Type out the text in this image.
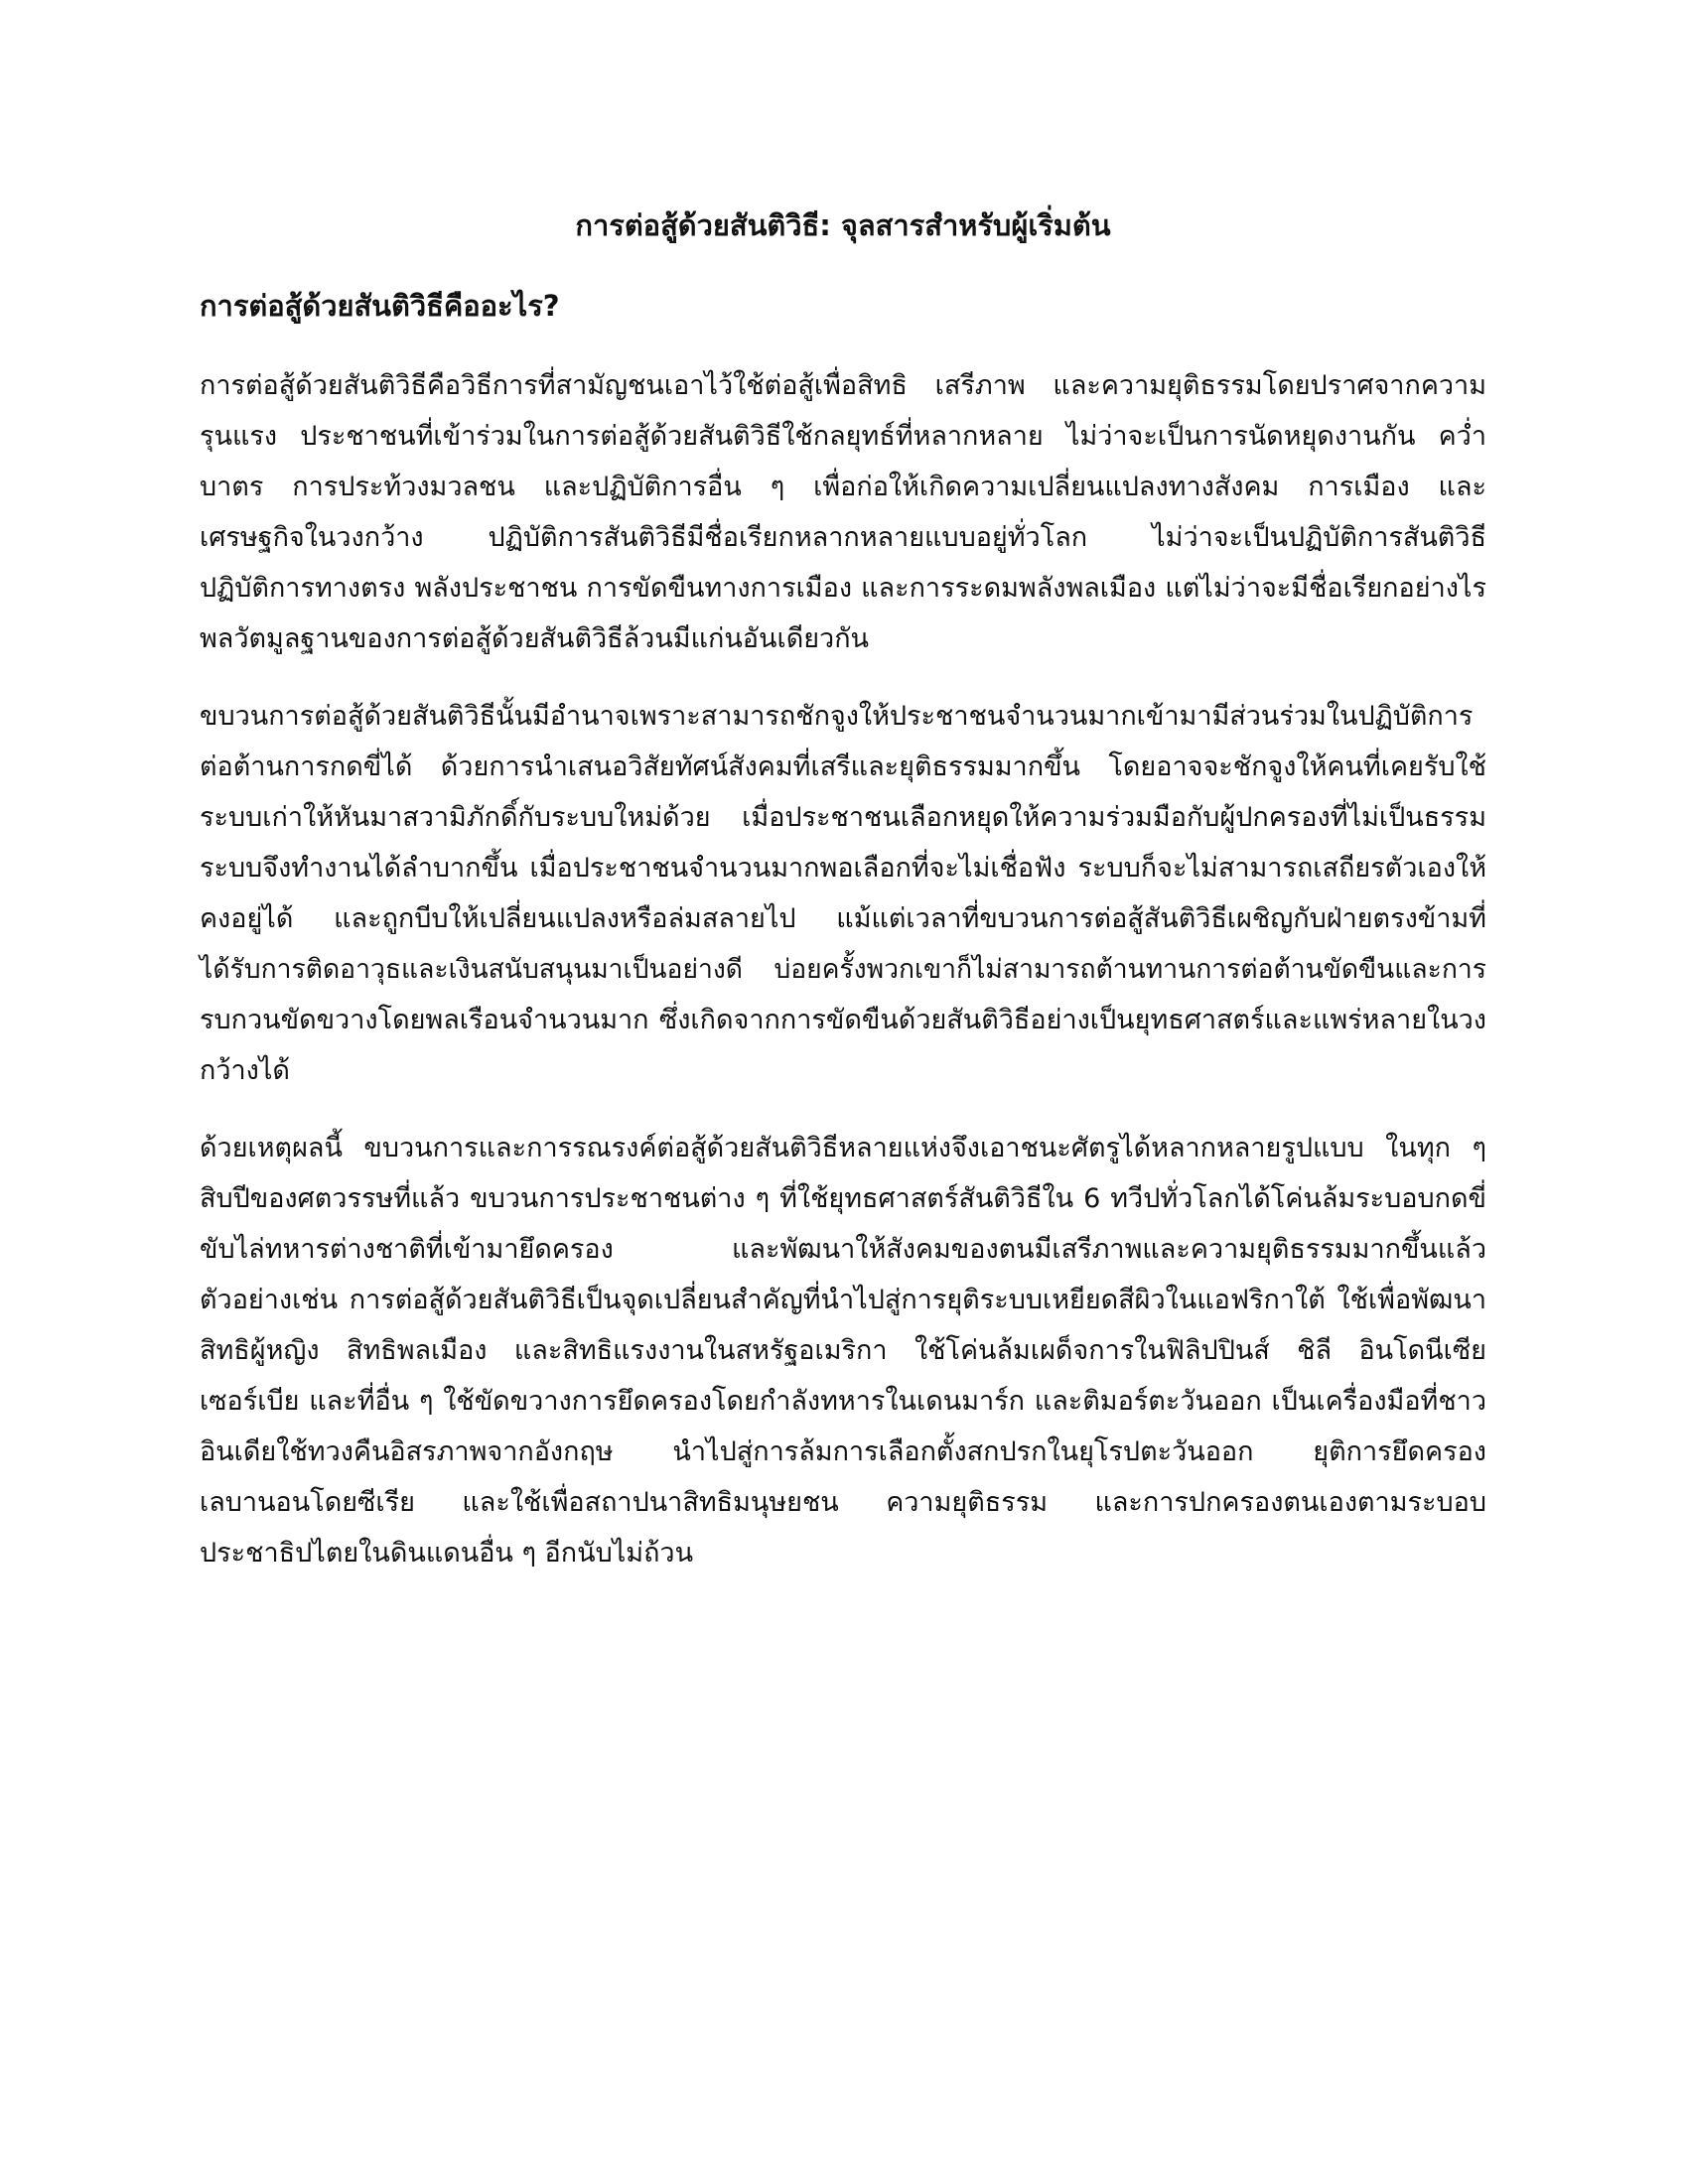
การต่อสู้ด้วยสันติวิธี: จุลสารสำหรับผู้เริ่มต้น
การต่อสู้ด้วยสันติวิธีคืออะไร?

การต่อสู้ด้วยสันติวิธีคือวิธีการที่สามัญชนเอาไว้ใช้ต่อสู้เพื่อสิทธิ เสรีภาพ และความยุติธรรมโดยปราศจากความ
รุนแรง ประชาชนที่เข้าร่วมในการต่อสู้ด้วยสันติวิธีใช้กลยุทธ์ที่หลากหลาย ไม่ว่าจะเป็นการนัดหยุดงานกัน คว่ำ
บาตร การประท้วงมวลชน และปฏิบัติการอื่น ๆ เพื่อก่อให้เกิดความเปลี่ยนแปลงทางสังคม การเมือง และ
เศรษฐกิจในวงกว้าง ปฏิบัติการสันติวิธีมีชื่อเรียกหลากหลายแบบอยู่ทั่วโลก ไม่ว่าจะเป็นปฏิบัติการสันติวิธี
ปฏิบัติการทางตรง พลังประชาชน การขัดขืนทางการเมือง และการระดมพลังพลเมือง แต่ไม่ว่าจะมีชื่อเรียกอย่างไร
พลวัตมูลฐานของการต่อสู้ด้วยสันติวิธีล้วนมีแก่นอันเดียวกัน

ขบวนการต่อสู้ด้วยสันติวิธีนั้นมีอำนาจเพราะสามารถชักจูงให้ประชาชนจำนวนมากเข้ามามีส่วนร่วมในปฏิบัติการ
ต่อต้านการกดขี่ได้ ด้วยการนำเสนอวิสัยทัศน์สังคมที่เสรีและยุติธรรมมากขึ้น โดยอาจจะชักจูงให้คนที่เคยรับใช้
ระบบเก่าให้หันมาสวามิภักดิ์กับระบบใหม่ด้วย เมื่อประชาชนเลือกหยุดให้ความร่วมมือกับผู้ปกครองที่ไม่เป็นธรรม
ระบบจึงทำงานได้ลำบากขึ้น เมื่อประชาชนจำนวนมากพอเลือกที่จะไม่เชื่อฟัง ระบบก็จะไม่สามารถเสถียรตัวเองให้
คงอยู่ได้ และถูกบีบให้เปลี่ยนแปลงหรือล่มสลายไป แม้แต่เวลาที่ขบวนการต่อสู้สันติวิธีเผชิญกับฝ่ายตรงข้ามที่
ได้รับการติดอาวุธและเงินสนับสนุนมาเป็นอย่างดี บ่อยครั้งพวกเขาก็ไม่สามารถต้านทานการต่อต้านขัดขืนและการ
รบกวนขัดขวางโดยพลเรือนจำนวนมาก ซึ่งเกิดจากการขัดขืนด้วยสันติวิธีอย่างเป็นยุทธศาสตร์และแพร่หลายในวง
กว้างได้

ด้วยเหตุผลนี้ ขบวนการและการรณรงค์ต่อสู้ด้วยสันติวิธีหลายแห่งจึงเอาชนะศัตรูได้หลากหลายรูปแบบ ในทุก ๆ
สิบปีของศตวรรษที่แล้ว ขบวนการประชาชนต่าง ๆ ที่ใช้ยุทธศาสตร์สันติวิธีใน 6 ทวีปทั่วโลกได้โค่นล้มระบอบกดขี่
ขับไล่ทหารต่างชาติที่เข้ามายึดครอง และพัฒนาให้สังคมของตนมีเสรีภาพและความยุติธรรมมากขึ้นแล้ว
ตัวอย่างเช่น การต่อสู้ด้วยสันติวิธีเป็นจุดเปลี่ยนสำคัญที่นำไปสู่การยุติระบบเหยียดสีผิวในแอฟริกาใต้ ใช้เพื่อพัฒนา
สิทธิผู้หญิง สิทธิพลเมือง และสิทธิแรงงานในสหรัฐอเมริกา ใช้โค่นล้มเผด็จการในฟิลิปปินส์ ชิลี อินโดนีเซีย
เซอร์เบีย และที่อื่น ๆ ใช้ขัดขวางการยึดครองโดยกำลังทหารในเดนมาร์ก และติมอร์ตะวันออก เป็นเครื่องมือที่ชาว
อินเดียใช้ทวงคืนอิสรภาพจากอังกฤษ นำไปสู่การล้มการเลือกตั้งสกปรกในยุโรปตะวันออก ยุติการยึดครอง
เลบานอนโดยซีเรีย และใช้เพื่อสถาปนาสิทธิมนุษยชน ความยุติธรรม และการปกครองตนเองตามระบอบ
ประชาธิปไตยในดินแดนอื่น ๆ อีกนับไม่ถ้วน
